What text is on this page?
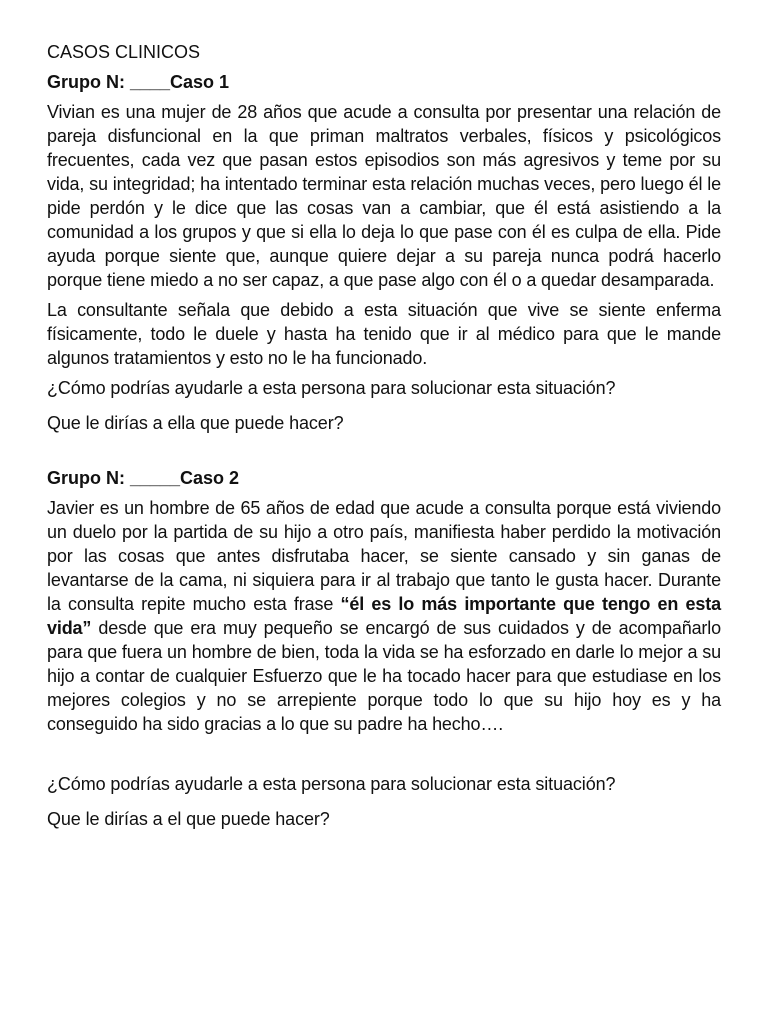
CASOS CLINICOS
Grupo N: ____Caso 1

Vivian es una mujer de 28 años que acude a consulta por presentar una relación de pareja disfuncional en la que priman maltratos verbales, físicos y psicológicos frecuentes, cada vez que pasan estos episodios son más agresivos y teme por su vida, su integridad; ha intentado terminar esta relación muchas veces, pero luego él le pide perdón y le dice que las cosas van a cambiar, que él está asistiendo a la comunidad a los grupos y que si ella lo deja lo que pase con él es culpa de ella. Pide ayuda porque siente que, aunque quiere dejar a su pareja nunca podrá hacerlo porque tiene miedo a no ser capaz, a que pase algo con él o a quedar desamparada.

La consultante señala que debido a esta situación que vive se siente enferma físicamente, todo le duele y hasta ha tenido que ir al médico para que le mande algunos tratamientos y esto no le ha funcionado.

¿Cómo podrías ayudarle a esta persona para solucionar esta situación?

Que le dirías a ella que puede hacer?

Grupo N: _____Caso 2

Javier es un hombre de 65 años de edad que acude a consulta porque está viviendo un duelo por la partida de su hijo a otro país, manifiesta haber perdido la motivación por las cosas que antes disfrutaba hacer, se siente cansado y sin ganas de levantarse de la cama, ni siquiera para ir al trabajo que tanto le gusta hacer. Durante la consulta repite mucho esta frase “él es lo más importante que tengo en esta vida” desde que era muy pequeño se encargó de sus cuidados y de acompañarlo para que fuera un hombre de bien, toda la vida se ha esforzado en darle lo mejor a su hijo a contar de cualquier Esfuerzo que le ha tocado hacer para que estudiase en los mejores colegios y no se arrepiente porque todo lo que su hijo hoy es y ha conseguido ha sido gracias a lo que su padre ha hecho….

¿Cómo podrías ayudarle a esta persona para solucionar esta situación?

Que le dirías a el que puede hacer?
